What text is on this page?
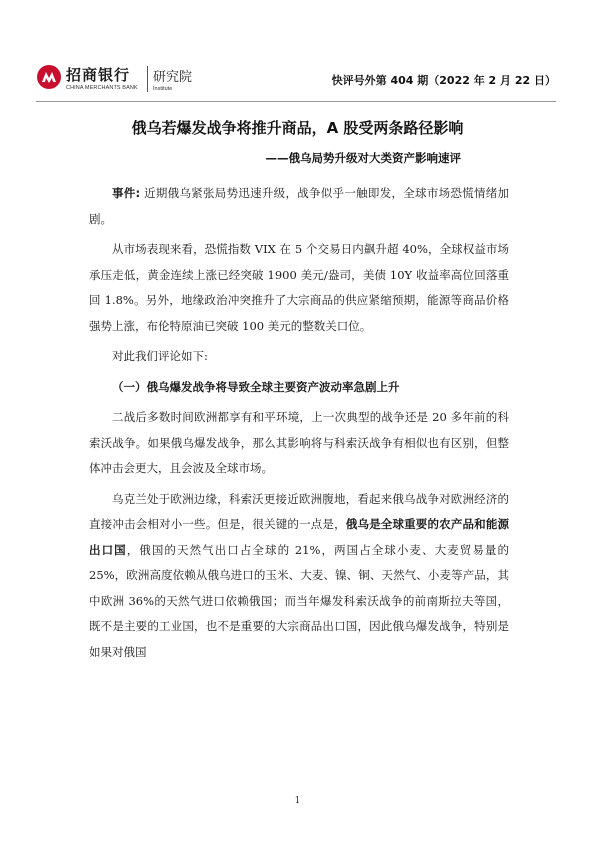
招商银行
CHINA MERCHANTS BANK
研究院
Institute
快评号外第 404 期（2022 年 2 月 22 日）
俄乌若爆发战争将推升商品，A 股受两条路径影响
——俄乌局势升级对大类资产影响速评

事件: 近期俄乌紧张局势迅速升级，战争似乎一触即发，全球市场恐慌情绪加剧。

从市场表现来看，恐慌指数 VIX 在 5 个交易日内飙升超 40%，全球权益市场承压走低，黄金连续上涨已经突破 1900 美元/盎司，美债 10Y 收益率高位回落重回 1.8%。另外，地缘政治冲突推升了大宗商品的供应紧缩预期，能源等商品价格强势上涨，布伦特原油已突破 100 美元的整数关口位。

对此我们评论如下:

（一）俄乌爆发战争将导致全球主要资产波动率急剧上升

二战后多数时间欧洲都享有和平环境，上一次典型的战争还是 20 多年前的科索沃战争。如果俄乌爆发战争，那么其影响将与科索沃战争有相似也有区别，但整体冲击会更大，且会波及全球市场。

乌克兰处于欧洲边缘，科索沃更接近欧洲腹地，看起来俄乌战争对欧洲经济的直接冲击会相对小一些。但是，很关键的一点是，俄乌是全球重要的农产品和能源出口国，俄国的天然气出口占全球的 21%，两国占全球小麦、大麦贸易量的 25%，欧洲高度依赖从俄乌进口的玉米、大麦、镍、铜、天然气、小麦等产品，其中欧洲 36%的天然气进口依赖俄国；而当年爆发科索沃战争的前南斯拉夫等国，既不是主要的工业国，也不是重要的大宗商品出口国，因此俄乌爆发战争，特别是如果对俄国

1
